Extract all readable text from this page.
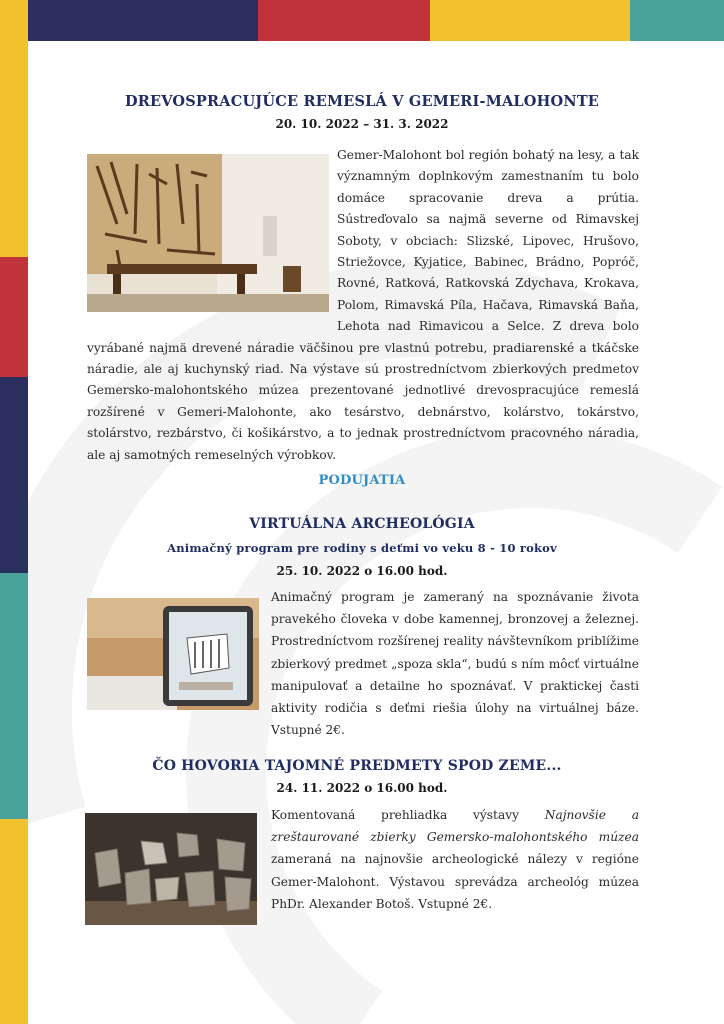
DREVOSPRACUJÚCE REMESLÁ V GEMERI-MALOHONTE
20. 10. 2022 – 31. 3. 2022
Gemer-Malohont bol región bohatý na lesy, a tak významným doplnkovým zamestnaním tu bolo domáce spracovanie dreva a prútia. Sústreďovalo sa najmä severne od Rimavskej Soboty, v obciach: Slizské, Lipovec, Hrušovo, Striežovce, Kyjatice, Babinec, Brádno, Popróč, Rovné, Ratková, Ratkovská Zdychava, Krokava, Polom, Rimavská Píla, Hačava, Rimavská Baňa, Lehota nad Rimavicou a Selce. Z dreva bolo vyrábané najmä drevené náradie väčšinou pre vlastnú potrebu, pradiarenské a tkáčske náradie, ale aj kuchynský riad. Na výstave sú prostredníctvom zbierkových predmetov Gemersko-malohontského múzea prezentované jednotlivé drevospracujúce remeslá rozšírené v Gemeri-Malohonte, ako tesárstvo, debnárstvo, kolárstvo, tokárstvo, stolárstvo, rezbárstvo, či košikárstvo, a to jednak prostredníctvom pracovného náradia, ale aj samotných remeselných výrobkov.
PODUJATIA
VIRTUÁLNA ARCHEOLÓGIA
Animačný program pre rodiny s deťmi vo veku 8 - 10 rokov
25. 10. 2022 o 16.00 hod.
Animačný program je zameraný na spoznávanie života pravekého človeka v dobe kamennej, bronzovej a železnej. Prostredníctvom rozšírenej reality návštevníkom priblížime zbierkový predmet „spoza skla“, budú s ním môcť virtuálne manipulovať a detailne ho spoznávať. V praktickej časti aktivity rodičia s deťmi riešia úlohy na virtuálnej báze. Vstupné 2€.
ČO HOVORIA TAJOMNÉ PREDMETY SPOD ZEME...
24. 11. 2022 o 16.00 hod.
Komentovaná prehliadka výstavy Najnovšie a zreštaurované zbierky Gemersko-malohontského múzea zameraná na najnovšie archeologické nálezy v regióne Gemer-Malohont. Výstavou sprevádza archeológ múzea PhDr. Alexander Botoš. Vstupné 2€.
